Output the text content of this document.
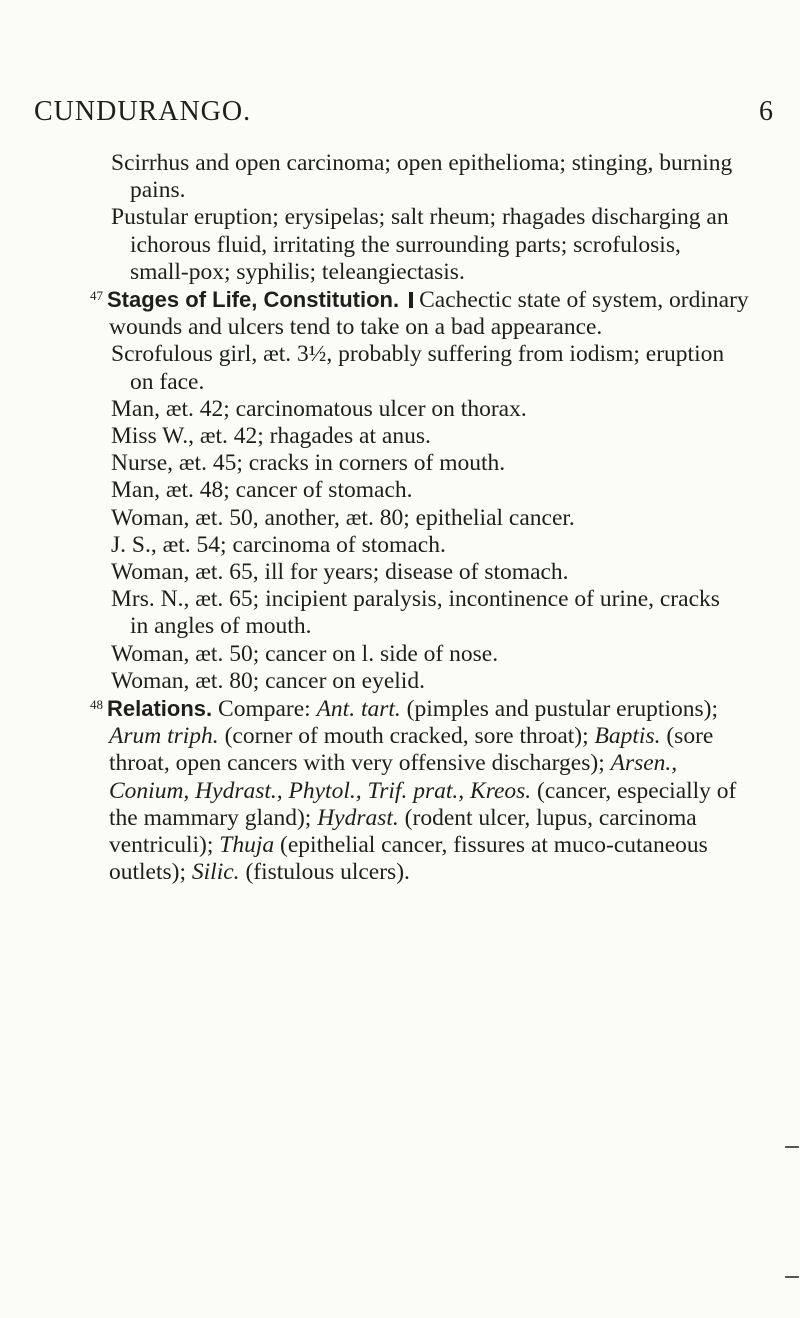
CUNDURANGO.	6

Scirrhus and open carcinoma; open epithelioma; stinging, burning pains.

Pustular eruption; erysipelas; salt rheum; rhagades discharging an ichorous fluid, irritating the surrounding parts; scrofulosis, small-pox; syphilis; teleangiectasis.

$^{47}$ Stages of Life, Constitution. Cachectic state of system, ordinary wounds and ulcers tend to take on a bad appearance.

Scrofulous girl, æt. 3½, probably suffering from iodism; eruption on face.

Man, æt. 42; carcinomatous ulcer on thorax.

Miss W., æt. 42; rhagades at anus.

Nurse, æt. 45; cracks in corners of mouth.

Man, æt. 48; cancer of stomach.

Woman, æt. 50, another, æt. 80; epithelial cancer.

J. S., æt. 54; carcinoma of stomach.

Woman, æt. 65, ill for years; disease of stomach.

Mrs. N., æt. 65; incipient paralysis, incontinence of urine, cracks in angles of mouth.

Woman, æt. 50; cancer on l. side of nose.

Woman, æt. 80; cancer on eyelid.

$^{48}$ Relations. Compare: Ant. tart. (pimples and pustular eruptions); Arum triph. (corner of mouth cracked, sore throat); Baptis. (sore throat, open cancers with very offensive discharges); Arsen., Conium, Hydrast., Phytol., Trif. prat., Kreos. (cancer, especially of the mammary gland); Hydrast. (rodent ulcer, lupus, carcinoma ventriculi); Thuja (epithelial cancer, fissures at muco-cutaneous outlets); Silic. (fistulous ulcers).
